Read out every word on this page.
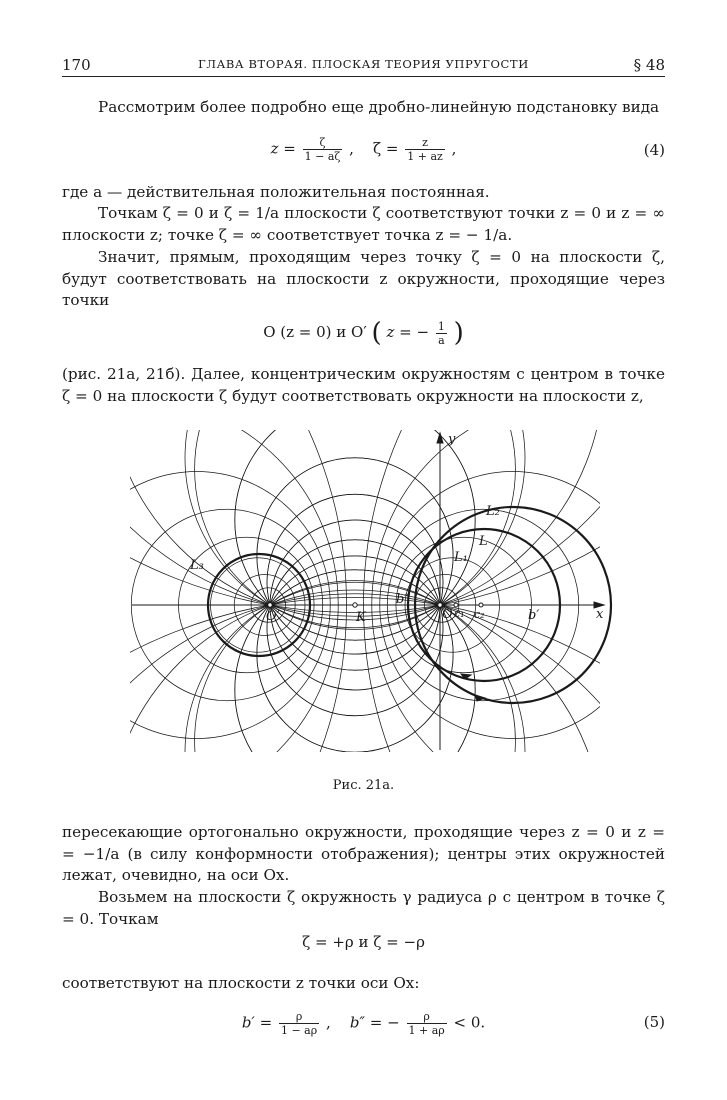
170	ГЛАВА ВТОРАЯ. ПЛОСКАЯ ТЕОРИЯ УПРУГОСТИ	§ 48
Рассмотрим более подробно еще дробно-линейную подстановку вида
$z = \frac{\zeta}{1 - a\zeta}$ , $\zeta = \frac{z}{1 + az}$ ,	(4)
где a — действительная положительная постоянная.
Точкам ζ = 0 и ζ = 1/a плоскости ζ соответствуют точки z = 0 и z = ∞ плоскости z; точке ζ = ∞ соответствует точка z = − 1/a.
Значит, прямым, проходящим через точку ζ = 0 на плоскости ζ, будут соответствовать на плоскости z окружности, проходящие через точки
O (z = 0) и O′ ( z = − $\frac{1}{a}$ )
(рис. 21a, 21б). Далее, концентрическим окружностям с центром в точке ζ = 0 на плоскости ζ будут соответствовать окружности на плоскости z,
y
x
L₂
L
L₁
L₃
O′	K	O c₁ c₂
b″
b′
Рис. 21a.
пересекающие ортогонально окружности, проходящие через z = 0 и z = = −1/a (в силу конформности отображения); центры этих окружностей лежат, очевидно, на оси Ox.
Возьмем на плоскости ζ окружность γ радиуса ρ с центром в точке ζ = 0. Точкам
ζ = +ρ и ζ = −ρ
соответствуют на плоскости z точки оси Ox:
$b' = \frac{\rho}{1 - a\rho}$ , b″ = − $\frac{\rho}{1 + a\rho} < 0$.	(5)
